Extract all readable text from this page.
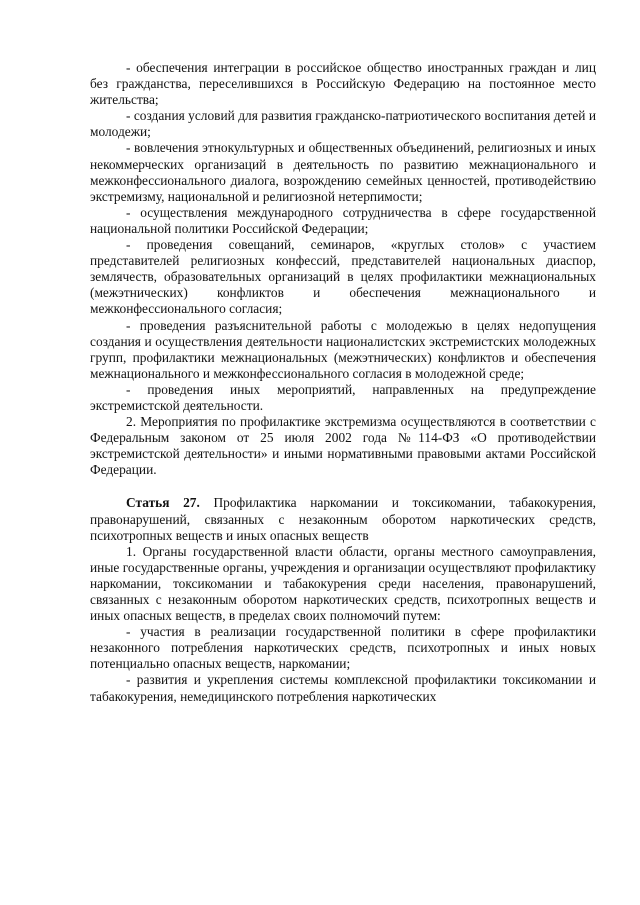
- обеспечения интеграции в российское общество иностранных граждан и лиц без гражданства, переселившихся в Российскую Федерацию на постоянное место жительства;

- создания условий для развития гражданско-патриотического воспитания детей и молодежи;

- вовлечения этнокультурных и общественных объединений, религиозных и иных некоммерческих организаций в деятельность по развитию межнационального и межконфессионального диалога, возрождению семейных ценностей, противодействию экстремизму, национальной и религиозной нетерпимости;

- осуществления международного сотрудничества в сфере государственной национальной политики Российской Федерации;

- проведения совещаний, семинаров, «круглых столов» с участием представителей религиозных конфессий, представителей национальных диаспор, землячеств, образовательных организаций в целях профилактики межнациональных (межэтнических) конфликтов и обеспечения межнационального и межконфессионального согласия;

- проведения разъяснительной работы с молодежью в целях недопущения создания и осуществления деятельности националистских экстремистских молодежных групп, профилактики межнациональных (межэтнических) конфликтов и обеспечения межнационального и межконфессионального согласия в молодежной среде;

- проведения иных мероприятий, направленных на предупреждение экстремистской деятельности.

2. Мероприятия по профилактике экстремизма осуществляются в соответствии с Федеральным законом от 25 июля 2002 года №114-ФЗ «О противодействии экстремистской деятельности» и иными нормативными правовыми актами Российской Федерации.

Статья 27. Профилактика наркомании и токсикомании, табакокурения, правонарушений, связанных с незаконным оборотом наркотических средств, психотропных веществ и иных опасных веществ

1. Органы государственной власти области, органы местного самоуправления, иные государственные органы, учреждения и организации осуществляют профилактику наркомании, токсикомании и табакокурения среди населения, правонарушений, связанных с незаконным оборотом наркотических средств, психотропных веществ и иных опасных веществ, в пределах своих полномочий путем:

- участия в реализации государственной политики в сфере профилактики незаконного потребления наркотических средств, психотропных и иных новых потенциально опасных веществ, наркомании;

- развития и укрепления системы комплексной профилактики токсикомании и табакокурения, немедицинского потребления наркотических
